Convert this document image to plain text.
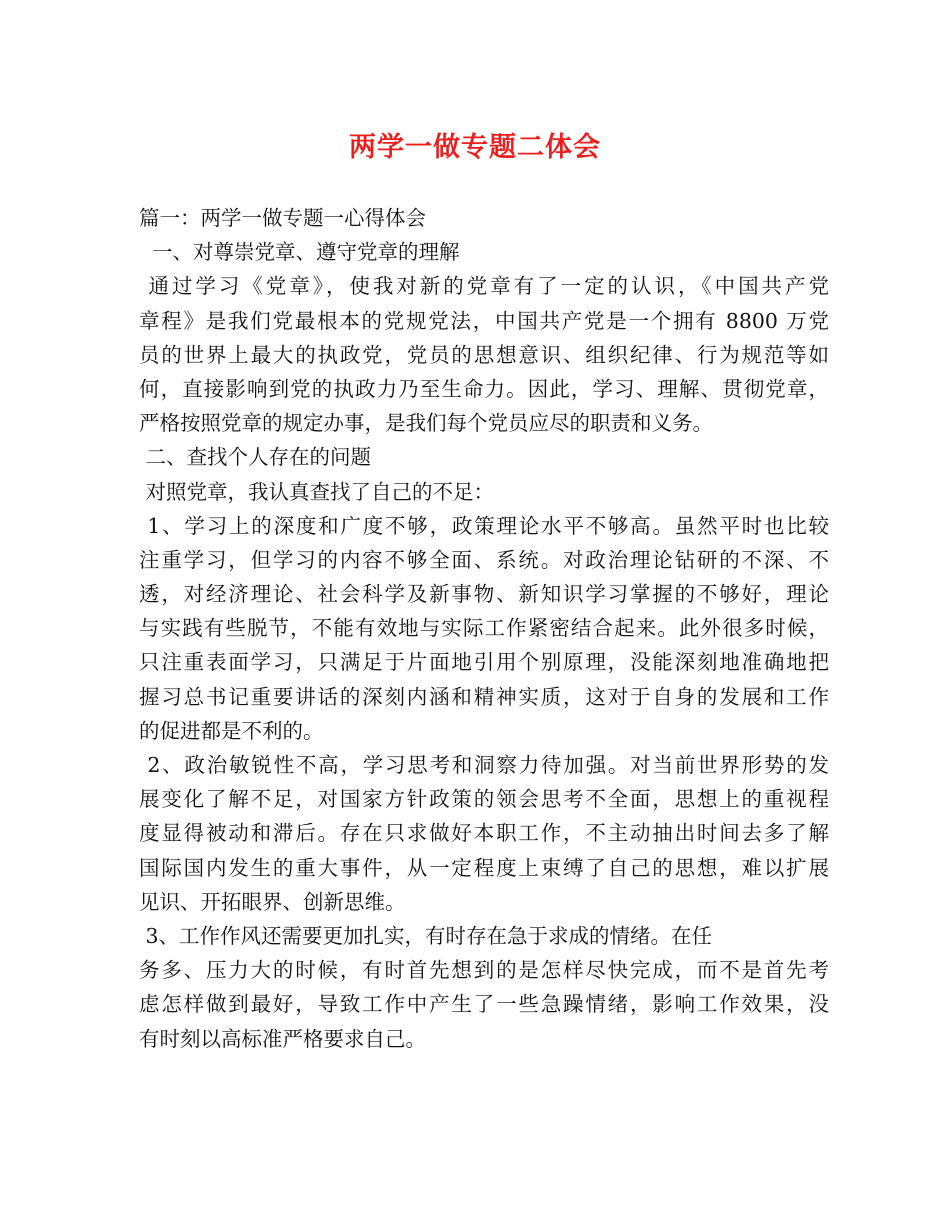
两学一做专题二体会
篇一：两学一做专题一心得体会
一、对尊崇党章、遵守党章的理解
通过学习《党章》，使我对新的党章有了一定的认识，《中国共产党
章程》是我们党最根本的党规党法，中国共产党是一个拥有 8800 万党
员的世界上最大的执政党，党员的思想意识、组织纪律、行为规范等如
何，直接影响到党的执政力乃至生命力。因此，学习、理解、贯彻党章，
严格按照党章的规定办事，是我们每个党员应尽的职责和义务。
二、查找个人存在的问题
对照党章，我认真查找了自己的不足：
1、学习上的深度和广度不够，政策理论水平不够高。虽然平时也比较
注重学习，但学习的内容不够全面、系统。对政治理论钻研的不深、不
透，对经济理论、社会科学及新事物、新知识学习掌握的不够好，理论
与实践有些脱节，不能有效地与实际工作紧密结合起来。此外很多时候，
只注重表面学习，只满足于片面地引用个别原理，没能深刻地准确地把
握习总书记重要讲话的深刻内涵和精神实质，这对于自身的发展和工作
的促进都是不利的。
2、政治敏锐性不高，学习思考和洞察力待加强。对当前世界形势的发
展变化了解不足，对国家方针政策的领会思考不全面，思想上的重视程
度显得被动和滞后。存在只求做好本职工作，不主动抽出时间去多了解
国际国内发生的重大事件，从一定程度上束缚了自己的思想，难以扩展
见识、开拓眼界、创新思维。
3、工作作风还需要更加扎实，有时存在急于求成的情绪。在任
务多、压力大的时候，有时首先想到的是怎样尽快完成，而不是首先考
虑怎样做到最好，导致工作中产生了一些急躁情绪，影响工作效果，没
有时刻以高标准严格要求自己。
